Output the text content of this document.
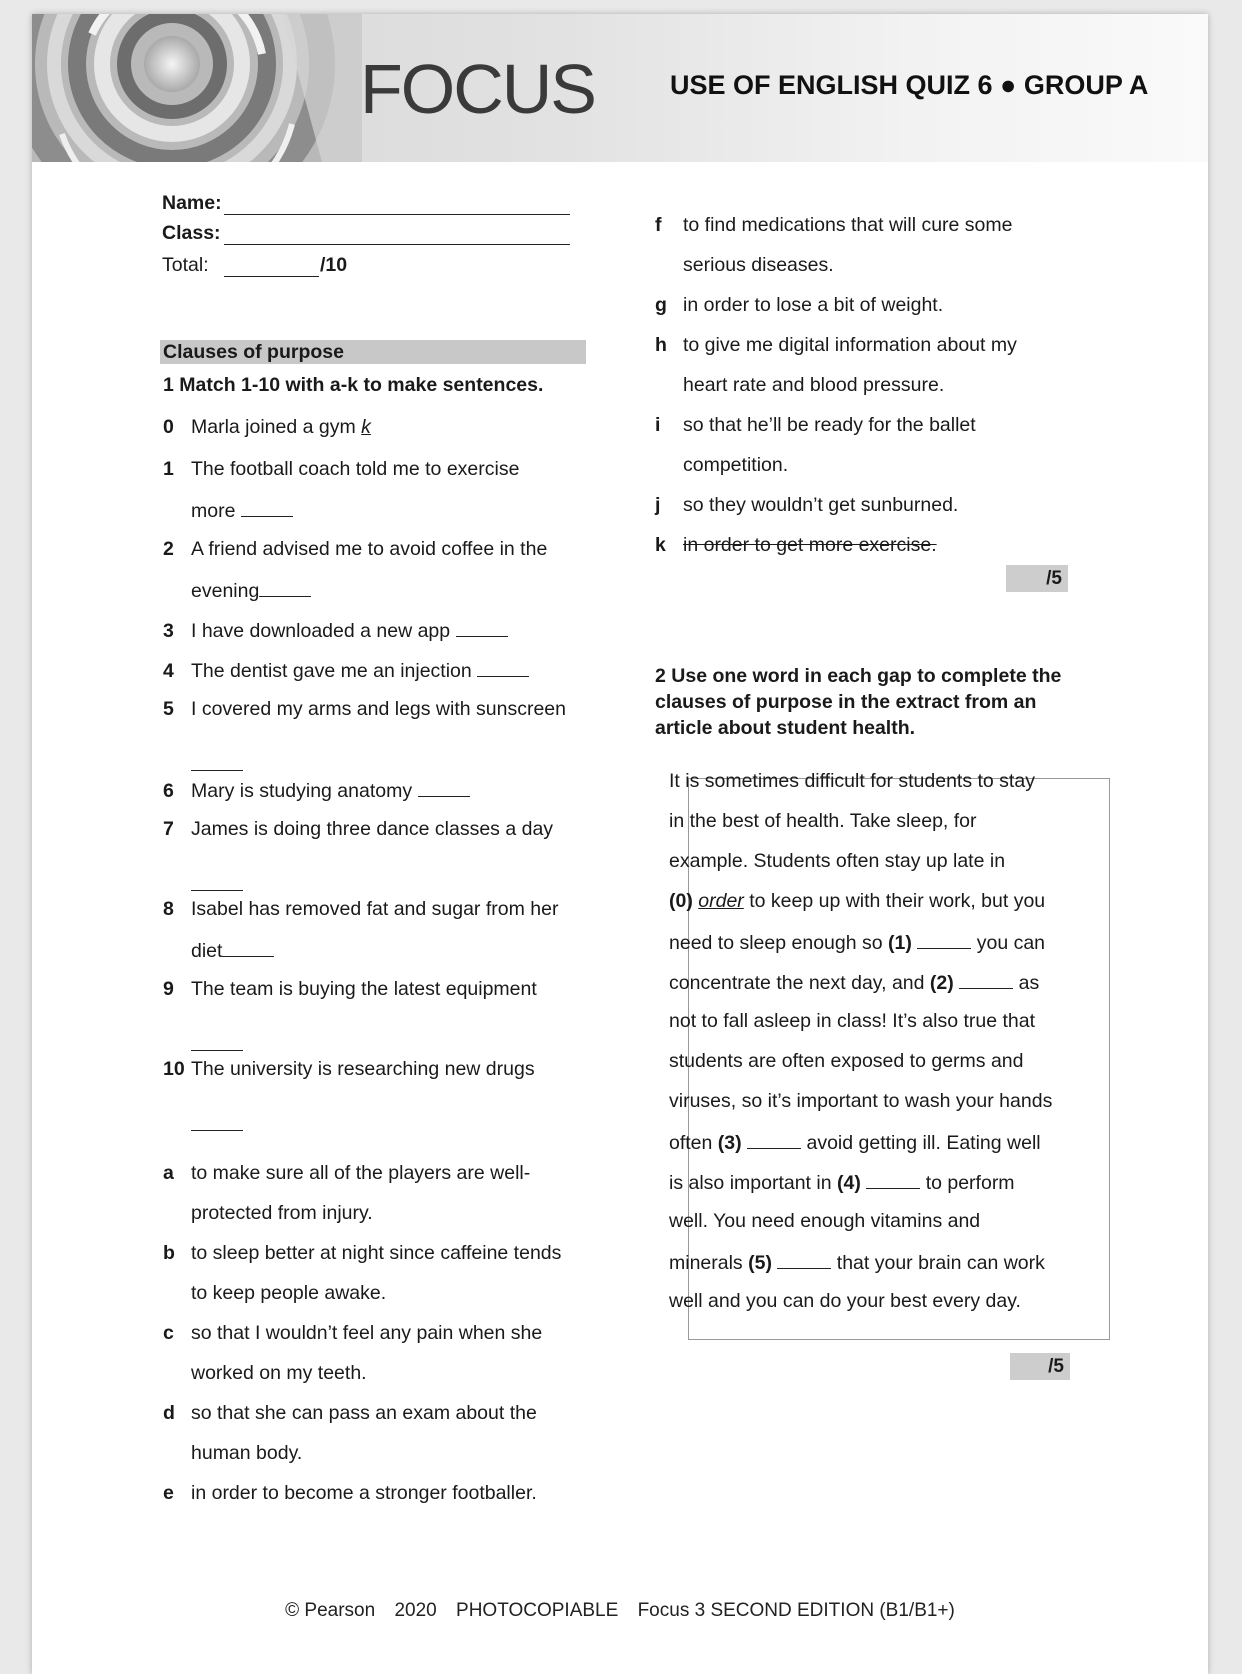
FOCUS	USE OF ENGLISH QUIZ 6 ● GROUP A
Name:
Class:
Total:	/10
Clauses of purpose
1 Match 1-10 with a-k to make sentences.
0 Marla joined a gym k
1 The football coach told me to exercise
more
2 A friend advised me to avoid coffee in the
evening
3 I have downloaded a new app
4 The dentist gave me an injection
5 I covered my arms and legs with sunscreen
6 Mary is studying anatomy
7 James is doing three dance classes a day
8 Isabel has removed fat and sugar from her
diet
9 The team is buying the latest equipment
10 The university is researching new drugs
a to make sure all of the players are well-
protected from injury.
b to sleep better at night since caffeine tends
to keep people awake.
c so that I wouldn’t feel any pain when she
worked on my teeth.
d so that she can pass an exam about the
human body.
e in order to become a stronger footballer.
f to find medications that will cure some
serious diseases.
g in order to lose a bit of weight.
h to give me digital information about my
heart rate and blood pressure.
i so that he’ll be ready for the ballet
competition.
j so they wouldn’t get sunburned.
k in order to get more exercise.
/5
2 Use one word in each gap to complete the
clauses of purpose in the extract from an
article about student health.
It is sometimes difficult for students to stay
in the best of health. Take sleep, for
example. Students often stay up late in
(0) order to keep up with their work, but you
need to sleep enough so (1)	you can
concentrate the next day, and (2)	as
not to fall asleep in class! It’s also true that
students are often exposed to germs and
viruses, so it’s important to wash your hands
often (3)	avoid getting ill. Eating well
is also important in (4)	to perform
well. You need enough vitamins and
minerals (5)	that your brain can work
well and you can do your best every day.
/5
© Pearson 2020 PHOTOCOPIABLE Focus 3 SECOND EDITION (B1/B1+)
